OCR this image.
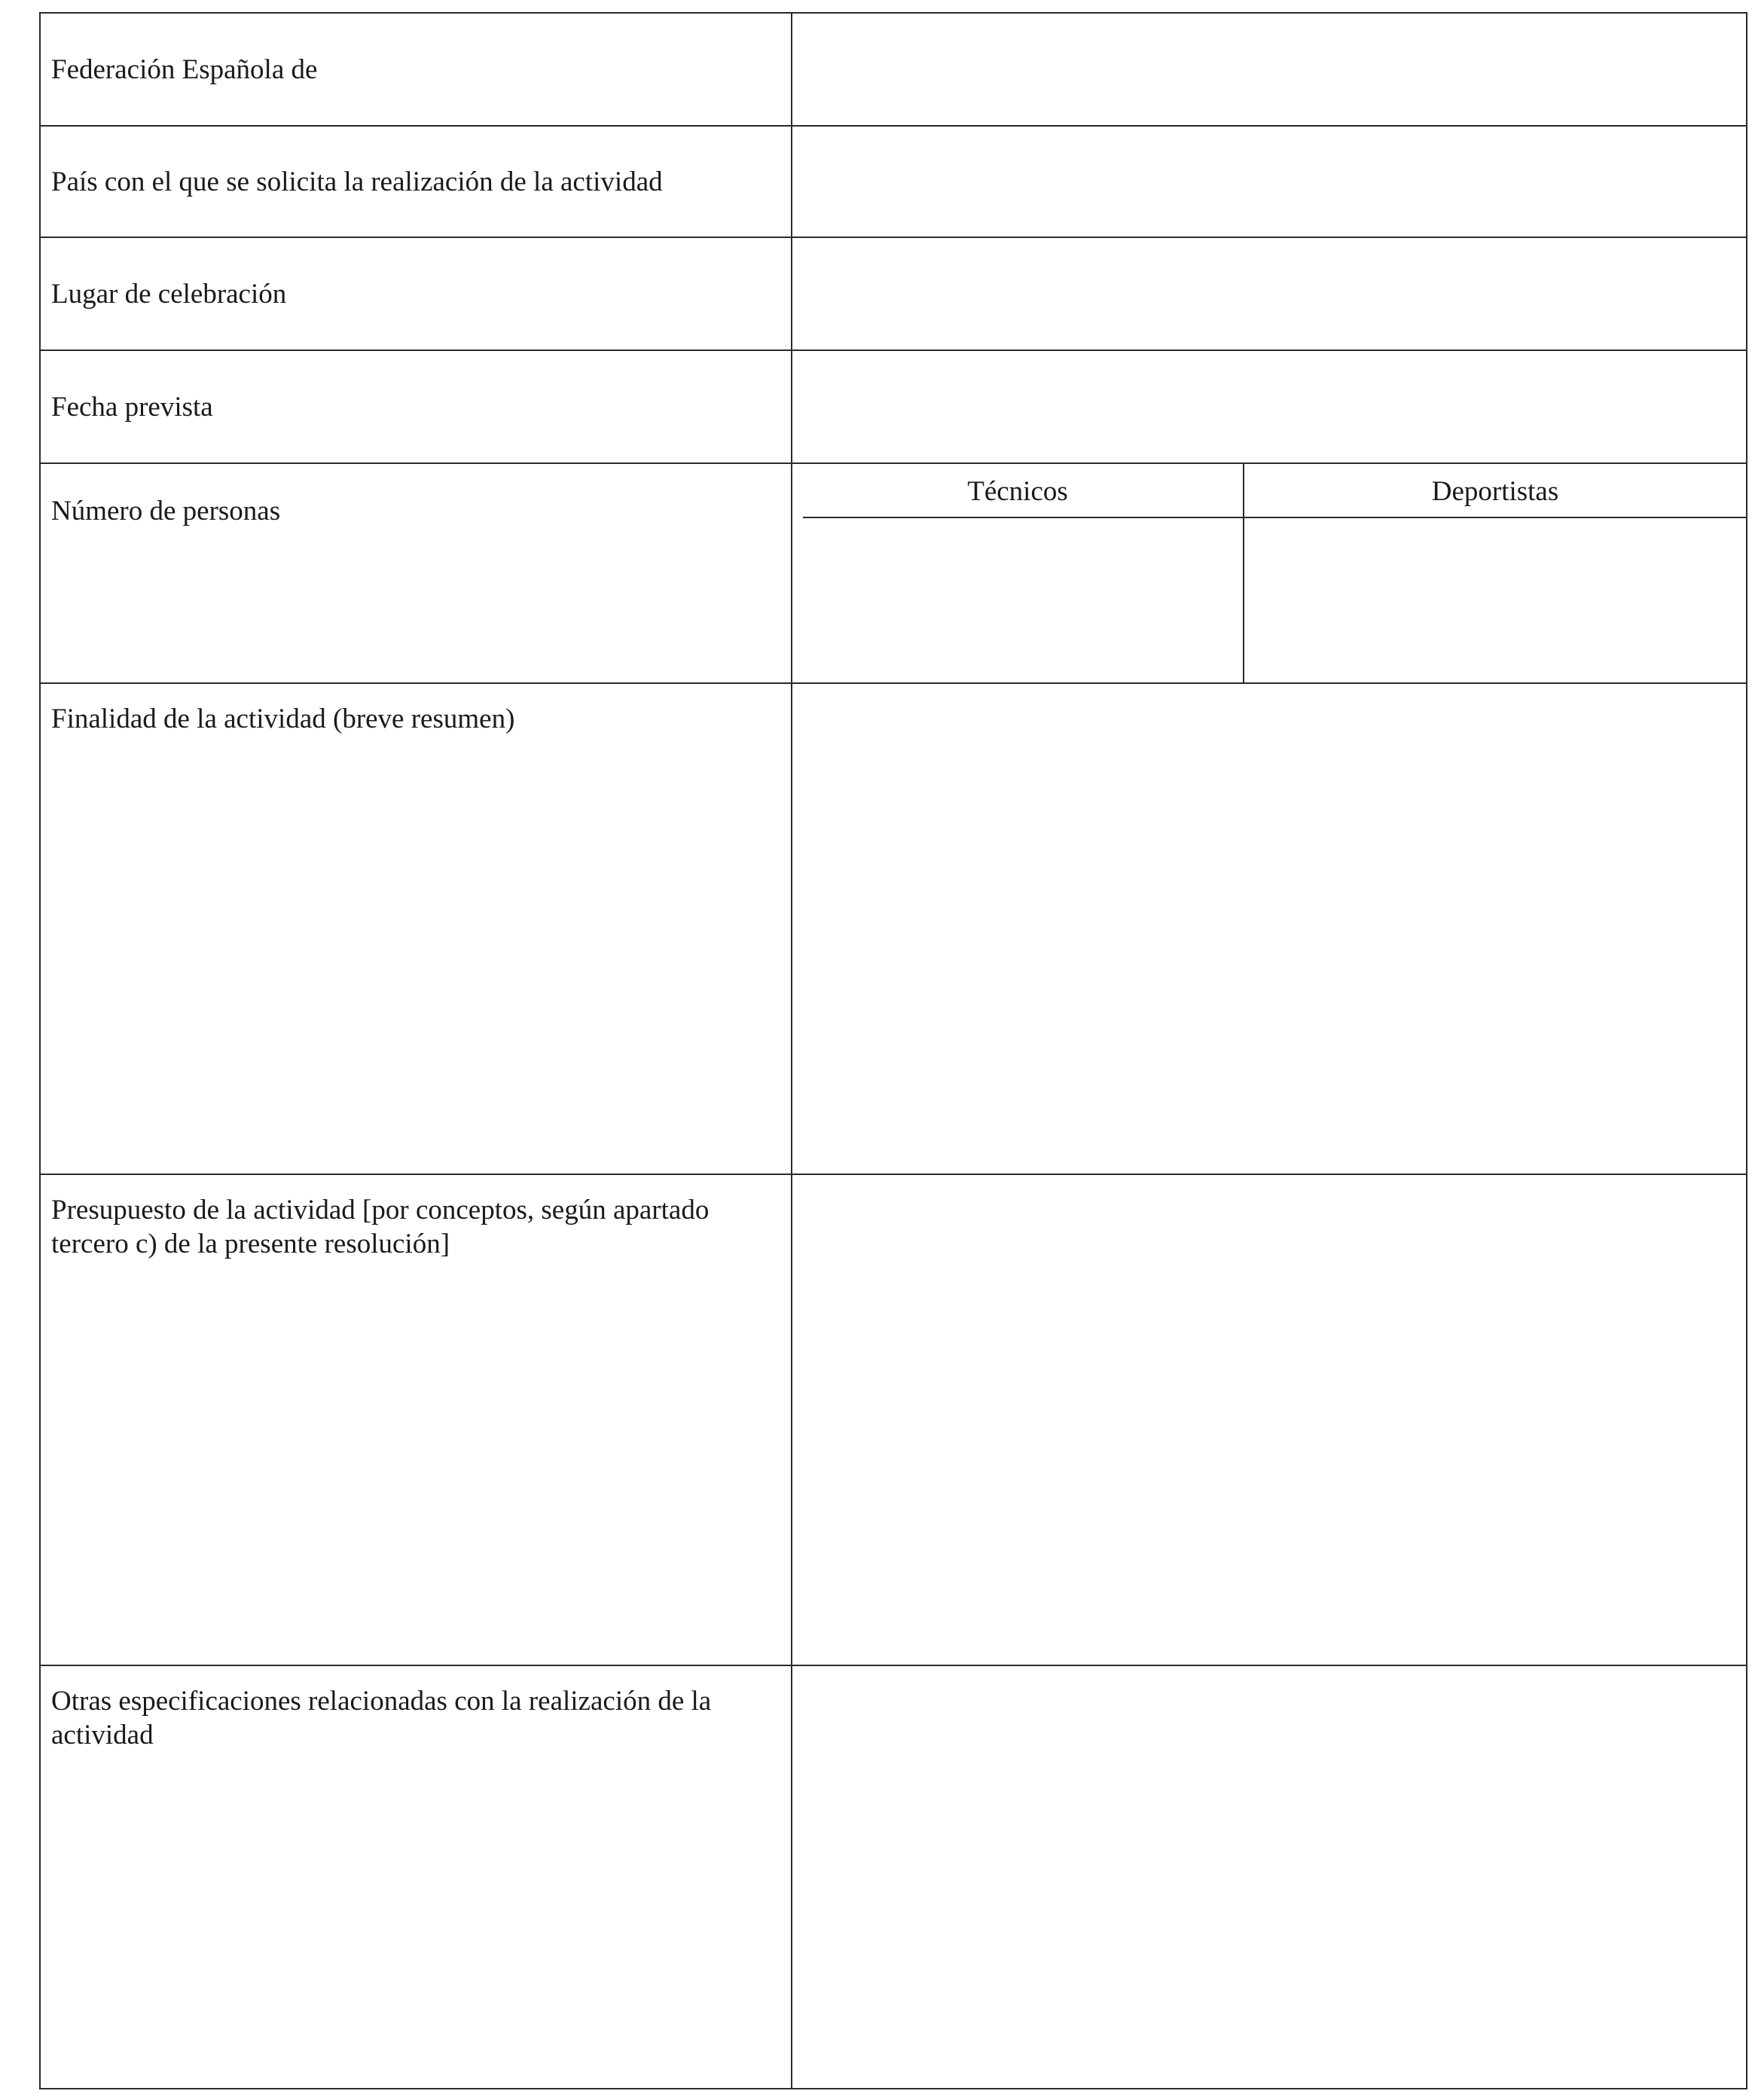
Federación Española de
País con el que se solicita la realización de la actividad
Lugar de celebración
Fecha prevista
Número de personas
Técnicos	Deportistas
Finalidad de la actividad (breve resumen)
Presupuesto de la actividad [por conceptos, según apartado tercero c) de la presente resolución]
Otras especificaciones relacionadas con la realización de la actividad
